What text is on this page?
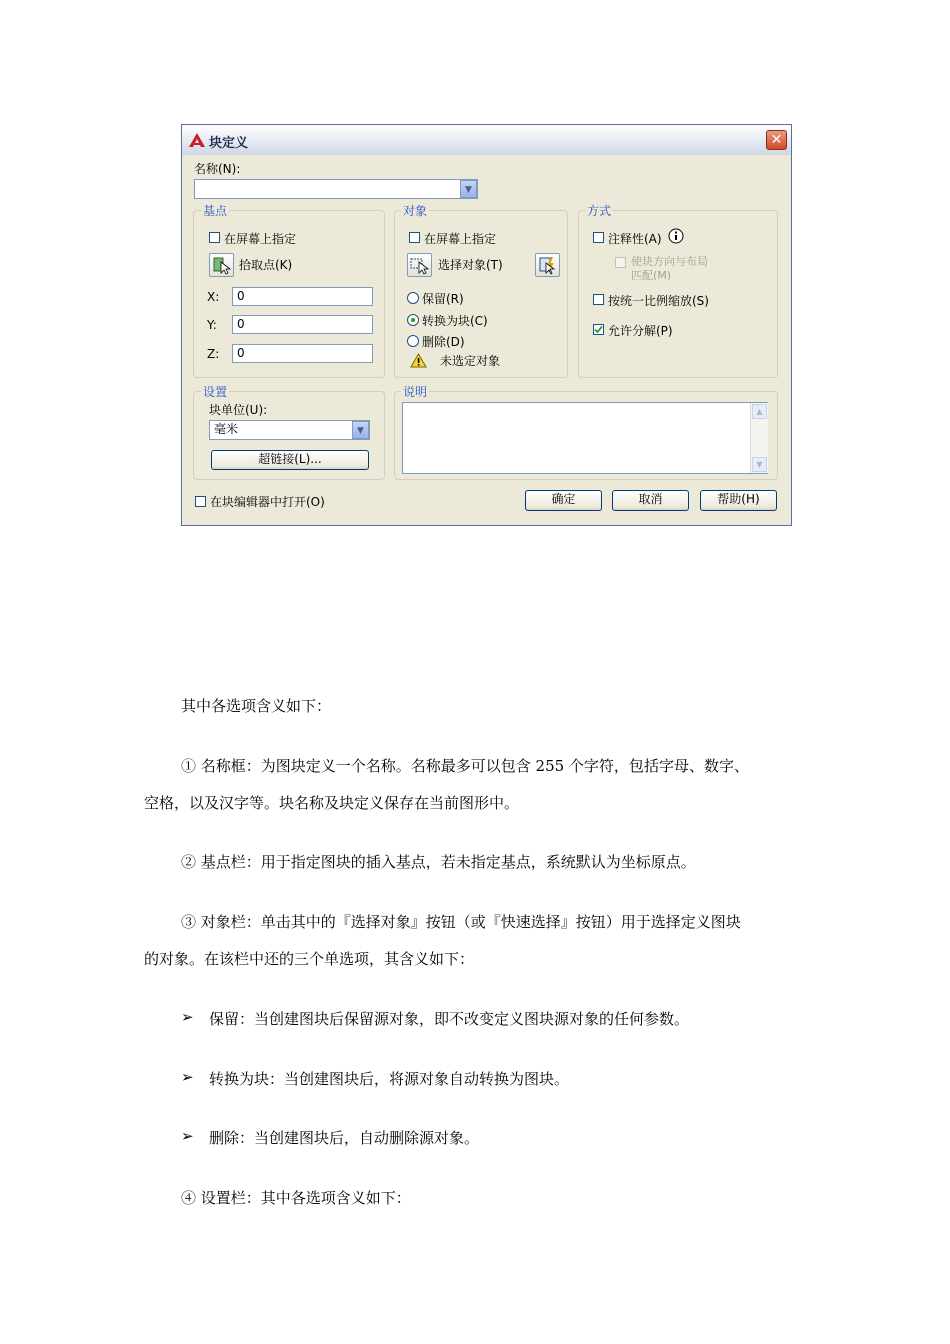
块定义	✕
名称(N):
▼
基点
在屏幕上指定
拾取点(K)
X:	0
Y:	0
Z:	0
对象
在屏幕上指定
选择对象(T)
保留(R)
转换为块(C)
删除(D)
未选定对象
方式
注释性(A)
使块方向与布局
匹配(M)
按统一比例缩放(S)
允许分解(P)
设置
块单位(U):
毫米	▼
超链接(L)...
说明
▲
▼
在块编辑器中打开(O)	确定	取消	帮助(H)
其中各选项含义如下：
① 名称框：为图块定义一个名称。名称最多可以包含 255 个字符，包括字母、数字、
空格，以及汉字等。块名称及块定义保存在当前图形中。
② 基点栏：用于指定图块的插入基点，若未指定基点，系统默认为坐标原点。
③ 对象栏：单击其中的『选择对象』按钮（或『快速选择』按钮）用于选择定义图块
的对象。在该栏中还的三个单选项，其含义如下：
➢ 保留：当创建图块后保留源对象，即不改变定义图块源对象的任何参数。
➢ 转换为块：当创建图块后，将源对象自动转换为图块。
➢ 删除：当创建图块后，自动删除源对象。
④ 设置栏：其中各选项含义如下：
